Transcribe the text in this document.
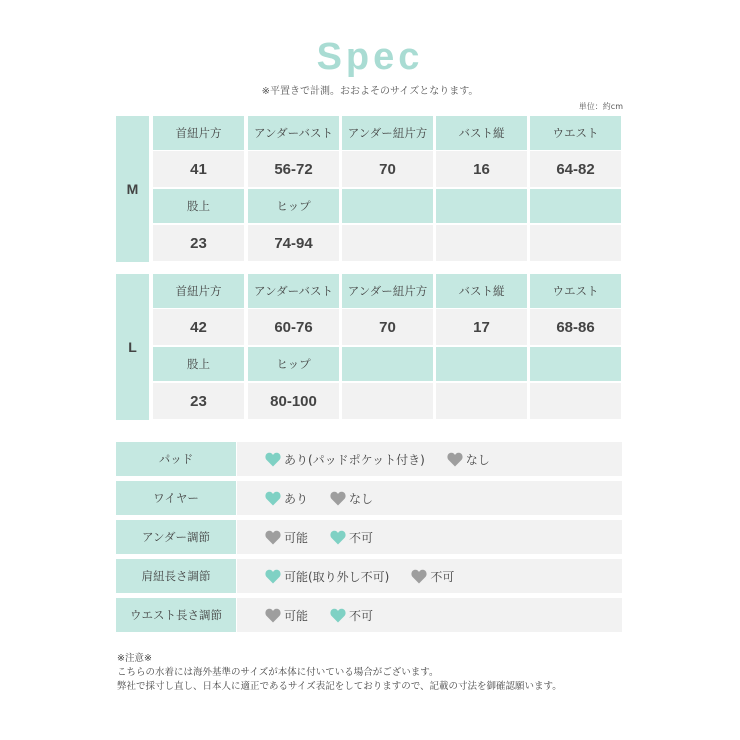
Spec
※平置きで計測。おおよそのサイズとなります。
単位：約cm
M
首紐片方	アンダーバスト	アンダー紐片方	バスト縦	ウエスト
41	56-72	70	16	64-82
股上	ヒップ
23	74-94
L
首紐片方	アンダーバスト	アンダー紐片方	バスト縦	ウエスト
42	60-76	70	17	68-86
股上	ヒップ
23	80-100
パッド	あり(パッドポケット付き)	なし
ワイヤー	あり	なし
アンダー調節	可能	不可
肩紐長さ調節	可能(取り外し不可)	不可
ウエスト長さ調節	可能	不可
※注意※
こちらの水着には海外基準のサイズが本体に付いている場合がございます。
弊社で採寸し直し、日本人に適正であるサイズ表記をしておりますので、記載の寸法を御確認願います。
